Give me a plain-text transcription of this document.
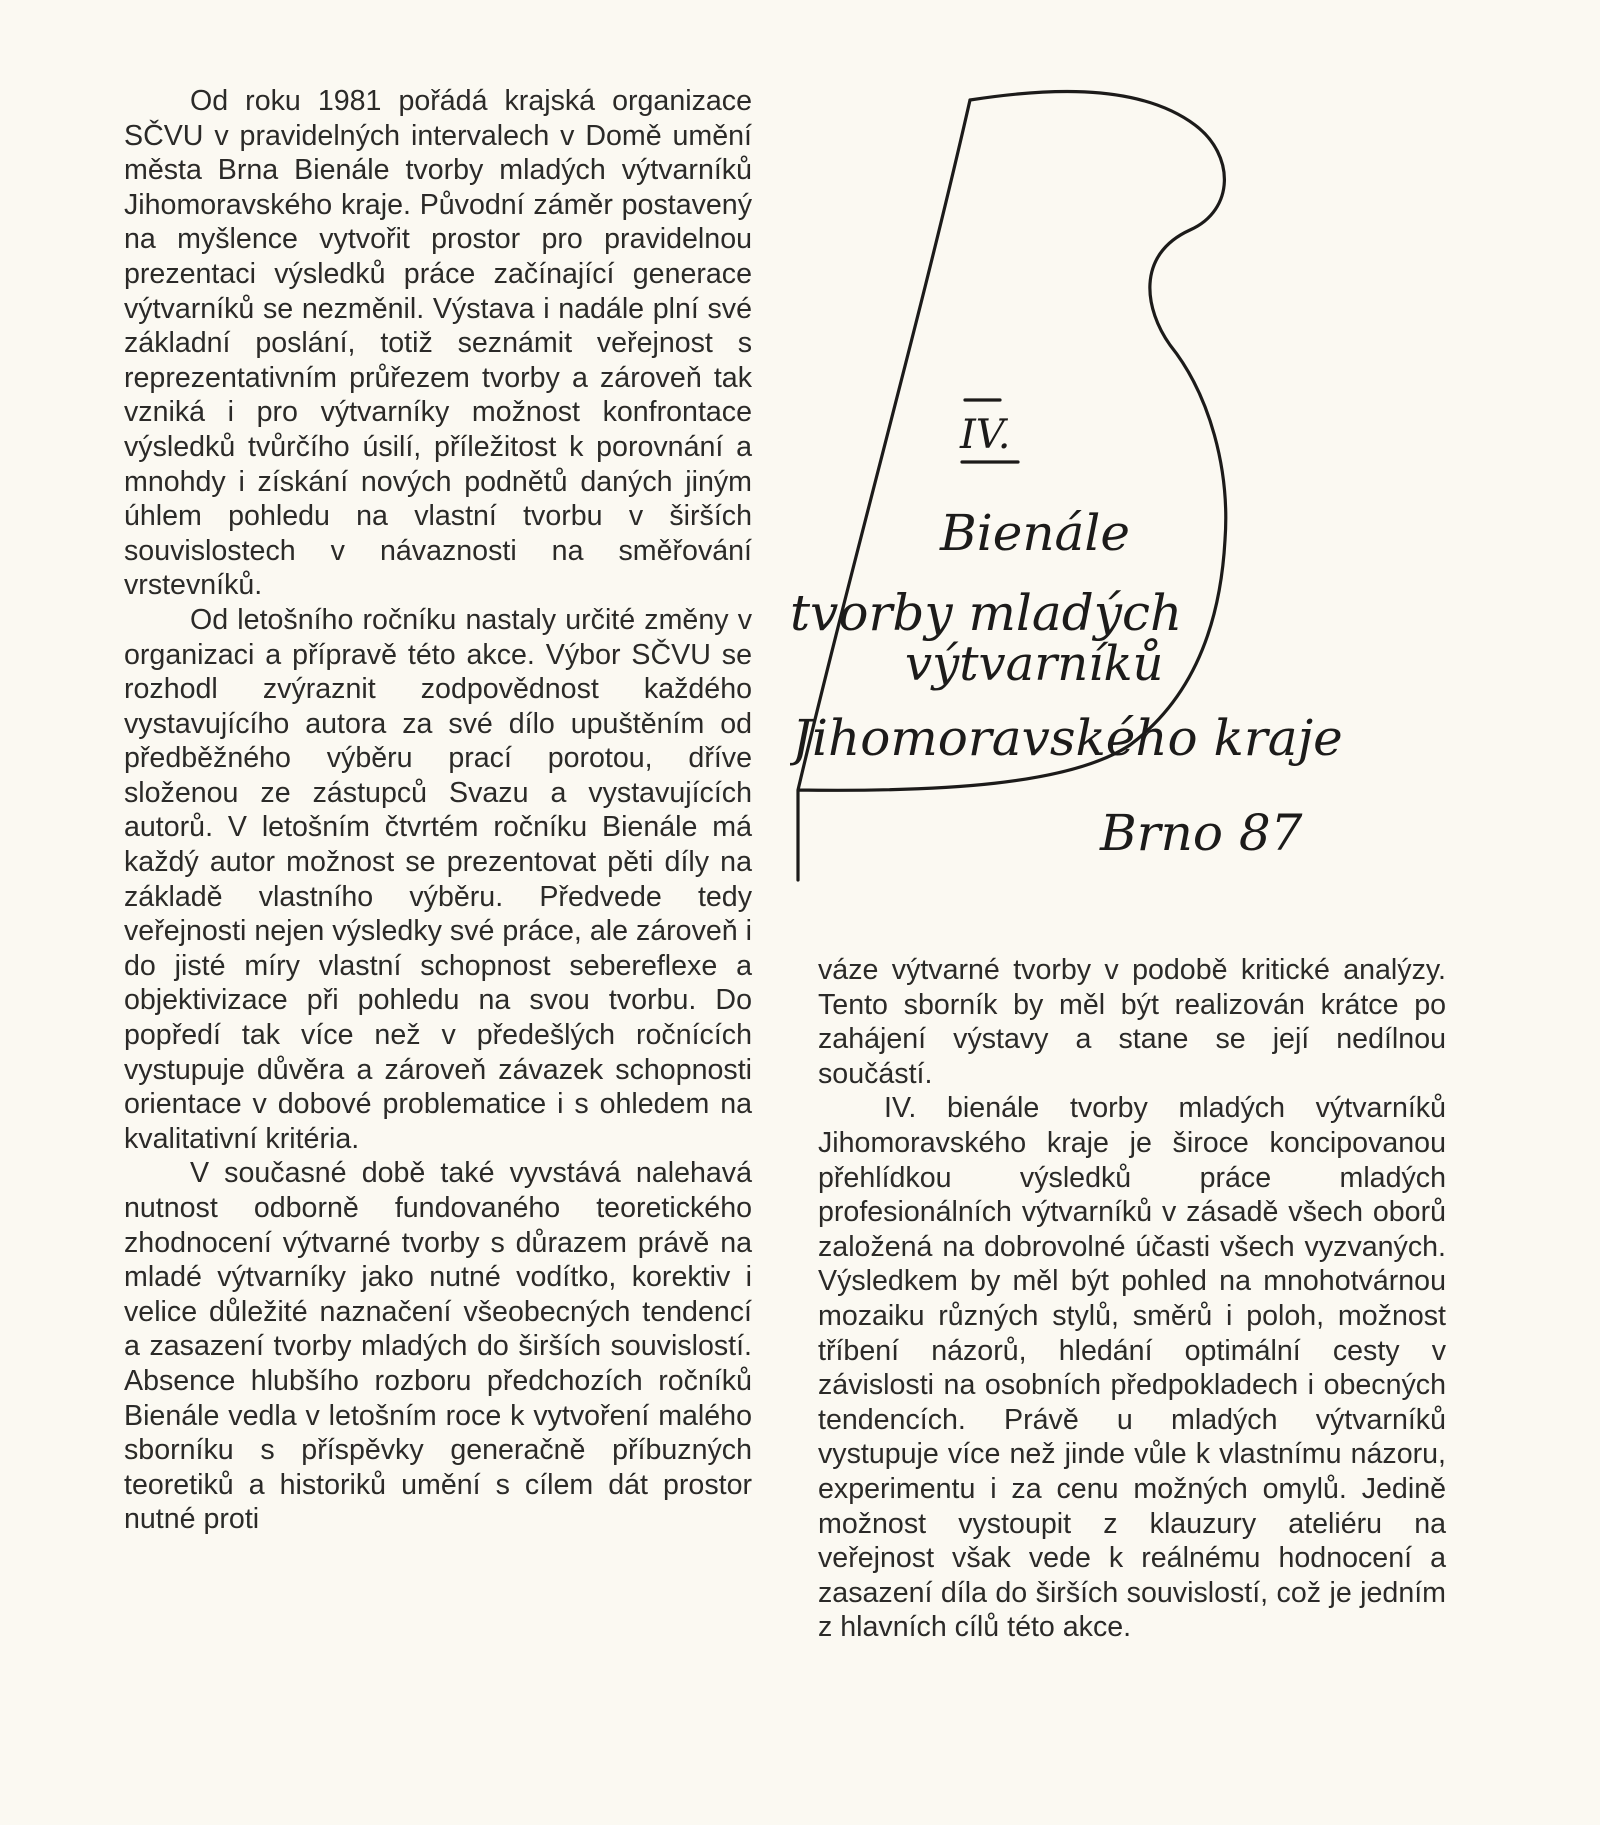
Od roku 1981 pořádá krajská organizace SČVU v pravidelných intervalech v Domě umění města Brna Bienále tvorby mladých výtvarníků Jihomoravského kraje. Původní záměr postavený na myšlence vytvořit prostor pro pravidelnou prezentaci výsledků práce začínající generace výtvarníků se nezměnil. Výstava i nadále plní své základní poslání, totiž seznámit veřejnost s reprezentativním průřezem tvorby a zároveň tak vzniká i pro výtvarníky možnost konfrontace výsledků tvůrčího úsilí, příležitost k porovnání a mnohdy i získání nových podnětů daných jiným úhlem pohledu na vlastní tvorbu v širších souvislostech v návaznosti na směřování vrstevníků.

Od letošního ročníku nastaly určité změny v organizaci a přípravě této akce. Výbor SČVU se rozhodl zvýraznit zodpovědnost každého vystavujícího autora za své dílo upuštěním od předběžného výběru prací porotou, dříve složenou ze zástupců Svazu a vystavujících autorů. V letošním čtvrtém ročníku Bienále má každý autor možnost se prezentovat pěti díly na základě vlastního výběru. Předvede tedy veřejnosti nejen výsledky své práce, ale zároveň i do jisté míry vlastní schopnost sebereflexe a objektivizace při pohledu na svou tvorbu. Do popředí tak více než v předešlých ročnících vystupuje důvěra a zároveň závazek schopnosti orientace v dobové problematice i s ohledem na kvalitativní kritéria.

V současné době také vyvstává nalehavá nutnost odborně fundovaného teoretického zhodnocení výtvarné tvorby s důrazem právě na mladé výtvarníky jako nutné vodítko, korektiv i velice důležité naznačení všeobecných tendencí a zasazení tvorby mladých do širších souvislostí. Absence hlubšího rozboru předchozích ročníků Bienále vedla v letošním roce k vytvoření malého sborníku s příspěvky generačně příbuzných teoretiků a historiků umění s cílem dát prostor nutné proti

IV.
Bienále
tvorby mladých
výtvarníků
Jihomoravského kraje
Brno 87

váze výtvarné tvorby v podobě kritické analýzy. Tento sborník by měl být realizován krátce po zahájení výstavy a stane se její nedílnou součástí.

IV. bienále tvorby mladých výtvarníků Jihomoravského kraje je široce koncipovanou přehlídkou výsledků práce mladých profesionálních výtvarníků v zásadě všech oborů založená na dobrovolné účasti všech vyzvaných. Výsledkem by měl být pohled na mnohotvárnou mozaiku různých stylů, směrů i poloh, možnost tříbení názorů, hledání optimální cesty v závislosti na osobních předpokladech i obecných tendencích. Právě u mladých výtvarníků vystupuje více než jinde vůle k vlastnímu názoru, experimentu i za cenu možných omylů. Jedině možnost vystoupit z klauzury ateliéru na veřejnost však vede k reálnému hodnocení a zasazení díla do širších souvislostí, což je jedním z hlavních cílů této akce.
